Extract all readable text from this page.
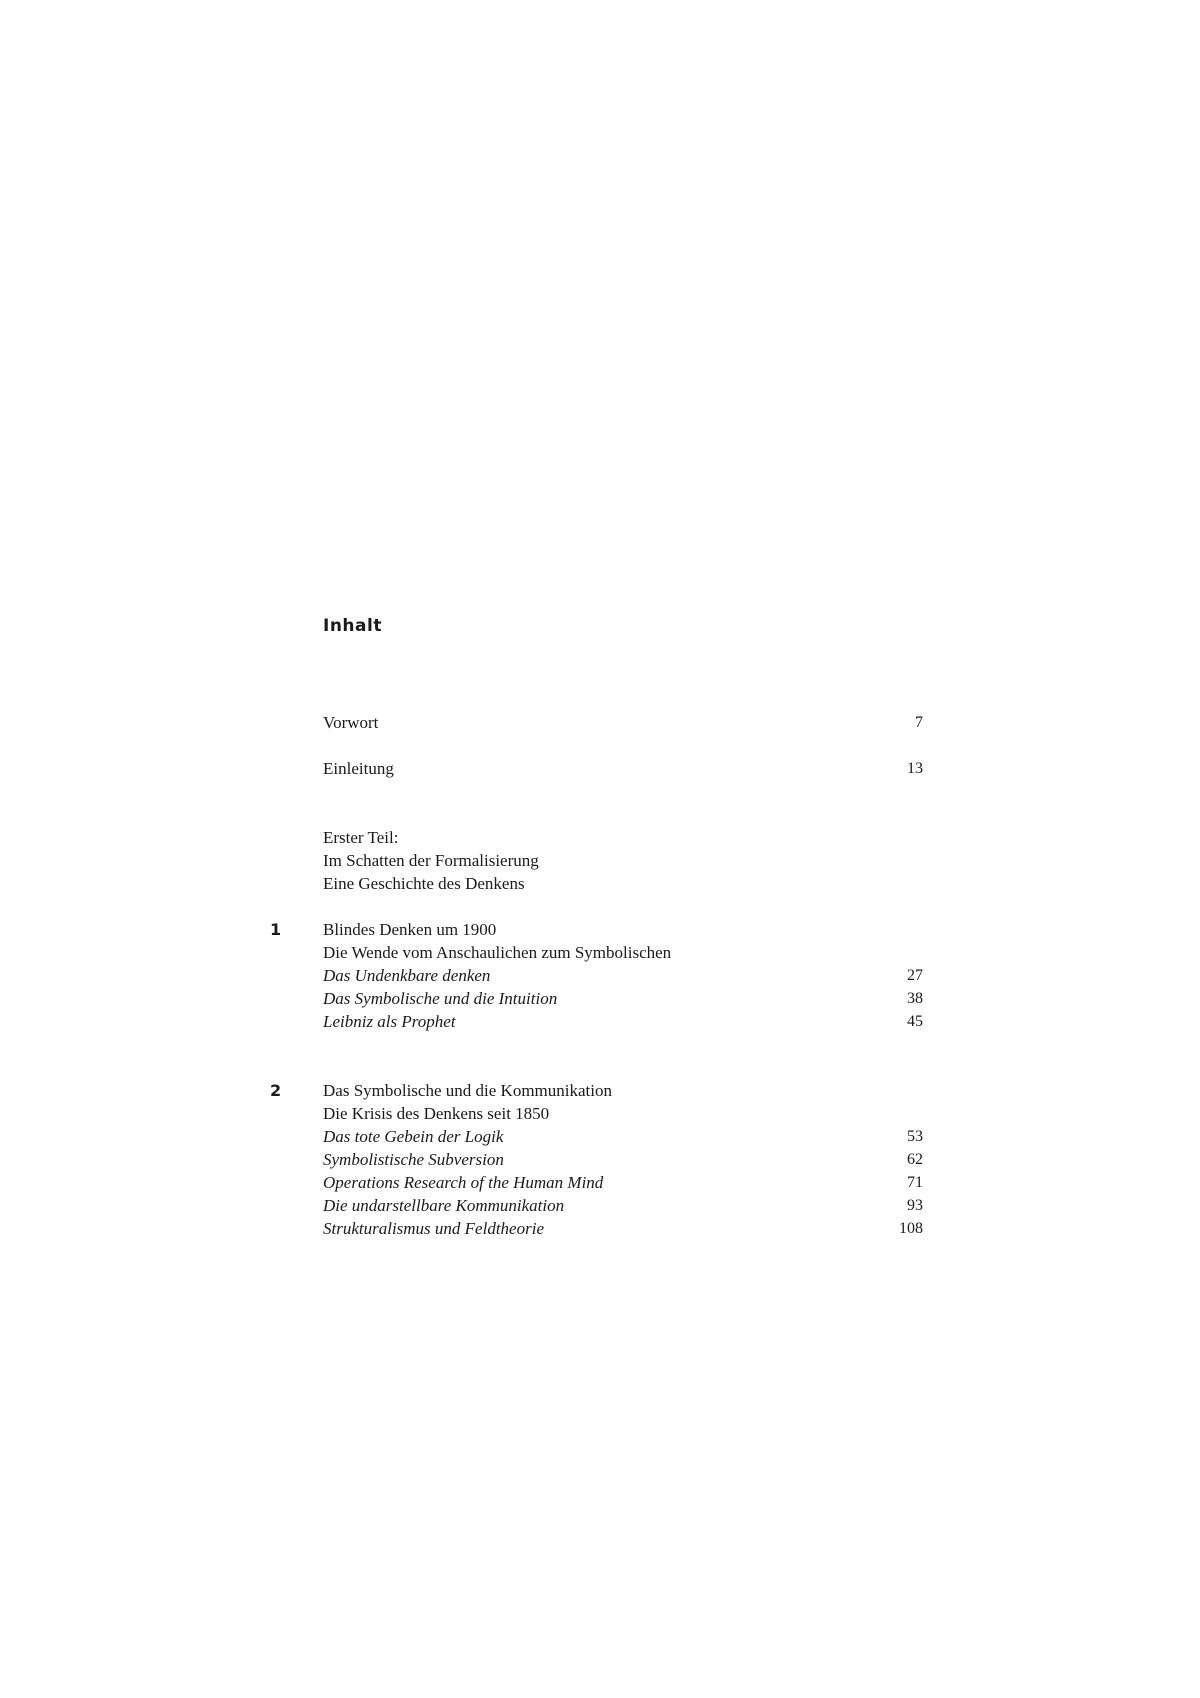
Inhalt
Vorwort	7
Einleitung	13
Erster Teil:
Im Schatten der Formalisierung
Eine Geschichte des Denkens
1 Blindes Denken um 1900
Die Wende vom Anschaulichen zum Symbolischen
Das Undenkbare denken	27
Das Symbolische und die Intuition	38
Leibniz als Prophet	45
2 Das Symbolische und die Kommunikation
Die Krisis des Denkens seit 1850
Das tote Gebein der Logik	53
Symbolistische Subversion	62
Operations Research of the Human Mind	71
Die undarstellbare Kommunikation	93
Strukturalismus und Feldtheorie	108
